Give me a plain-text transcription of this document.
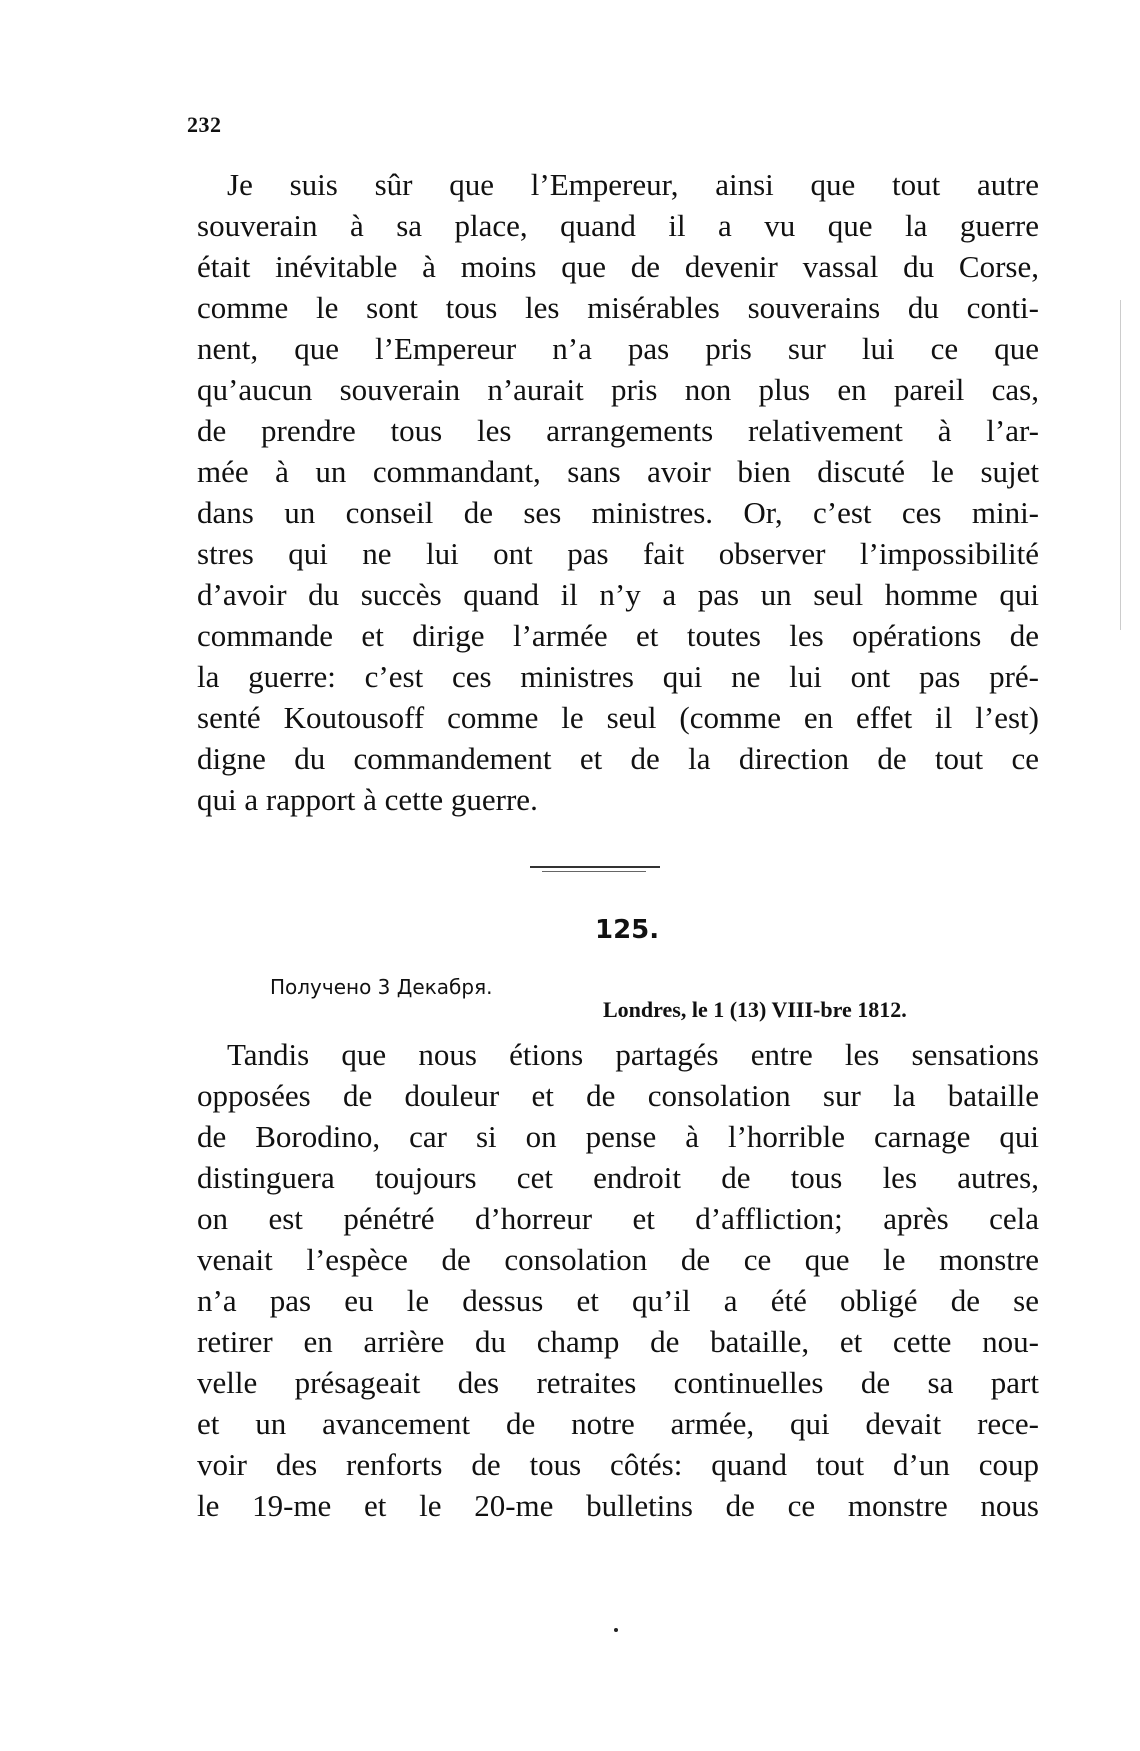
232
Je suis sûr que l’Empereur, ainsi que tout autre
souverain à sa place, quand il a vu que la guerre
était inévitable à moins que de devenir vassal du Corse,
comme le sont tous les misérables souverains du conti-
nent, que l’Empereur n’a pas pris sur lui ce que
qu’aucun souverain n’aurait pris non plus en pareil cas,
de prendre tous les arrangements relativement à l’ar-
mée à un commandant, sans avoir bien discuté le sujet
dans un conseil de ses ministres. Or, c’est ces mini-
stres qui ne lui ont pas fait observer l’impossibilité
d’avoir du succès quand il n’y a pas un seul homme qui
commande et dirige l’armée et toutes les opérations de
la guerre: c’est ces ministres qui ne lui ont pas pré-
senté Koutousoff comme le seul (comme en effet il l’est)
digne du commandement et de la direction de tout ce
qui a rapport à cette guerre.
125.
Получено 3 Декабря.
Londres, le 1 (13) VIII-bre 1812.
Tandis que nous étions partagés entre les sensations
opposées de douleur et de consolation sur la bataille
de Borodino, car si on pense à l’horrible carnage qui
distinguera toujours cet endroit de tous les autres,
on est pénétré d’horreur et d’affliction; après cela
venait l’espèce de consolation de ce que le monstre
n’a pas eu le dessus et qu’il a été obligé de se
retirer en arrière du champ de bataille, et cette nou-
velle présageait des retraites continuelles de sa part
et un avancement de notre armée, qui devait rece-
voir des renforts de tous côtés: quand tout d’un coup
le 19-me et le 20-me bulletins de ce monstre nous
